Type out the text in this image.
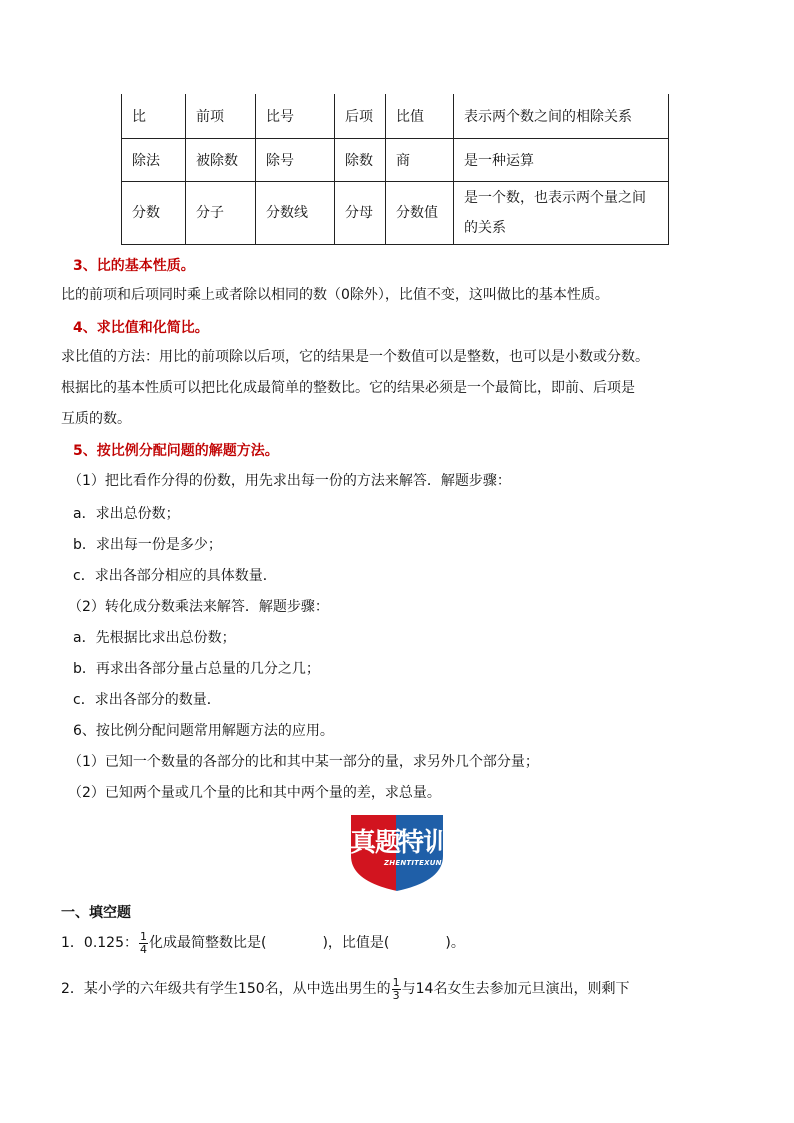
比	前项	比号	后项	比值	表示两个数之间的相除关系
除法	被除数	除号	除数	商	是一种运算
分数	分子	分数线	分母	分数值	是一个数，也表示两个量之间的关系
3、比的基本性质。
比的前项和后项同时乘上或者除以相同的数（0除外），比值不变，这叫做比的基本性质。
4、求比值和化简比。
求比值的方法：用比的前项除以后项，它的结果是一个数值可以是整数，也可以是小数或分数。
根据比的基本性质可以把比化成最简单的整数比。它的结果必须是一个最简比，即前、后项是
互质的数。
5、按比例分配问题的解题方法。
（1）把比看作分得的份数，用先求出每一份的方法来解答．解题步骤：
a．求出总份数；
b．求出每一份是多少；
c．求出各部分相应的具体数量．
（2）转化成分数乘法来解答．解题步骤：
a．先根据比求出总份数；
b．再求出各部分量占总量的几分之几；
c．求出各部分的数量．
6、按比例分配问题常用解题方法的应用。
（1）已知一个数量的各部分的比和其中某一部分的量，求另外几个部分量；
（2）已知两个量或几个量的比和其中两个量的差，求总量。
真题
特训
ZHENTITEXUN
一、填空题
1．0.125： $\frac{1}{4}$ 化成最简整数比是(　　　　)，比值是(　　　　)。
2．某小学的六年级共有学生150名，从中选出男生的 $\frac{1}{3}$ 与14名女生去参加元旦演出，则剩下
